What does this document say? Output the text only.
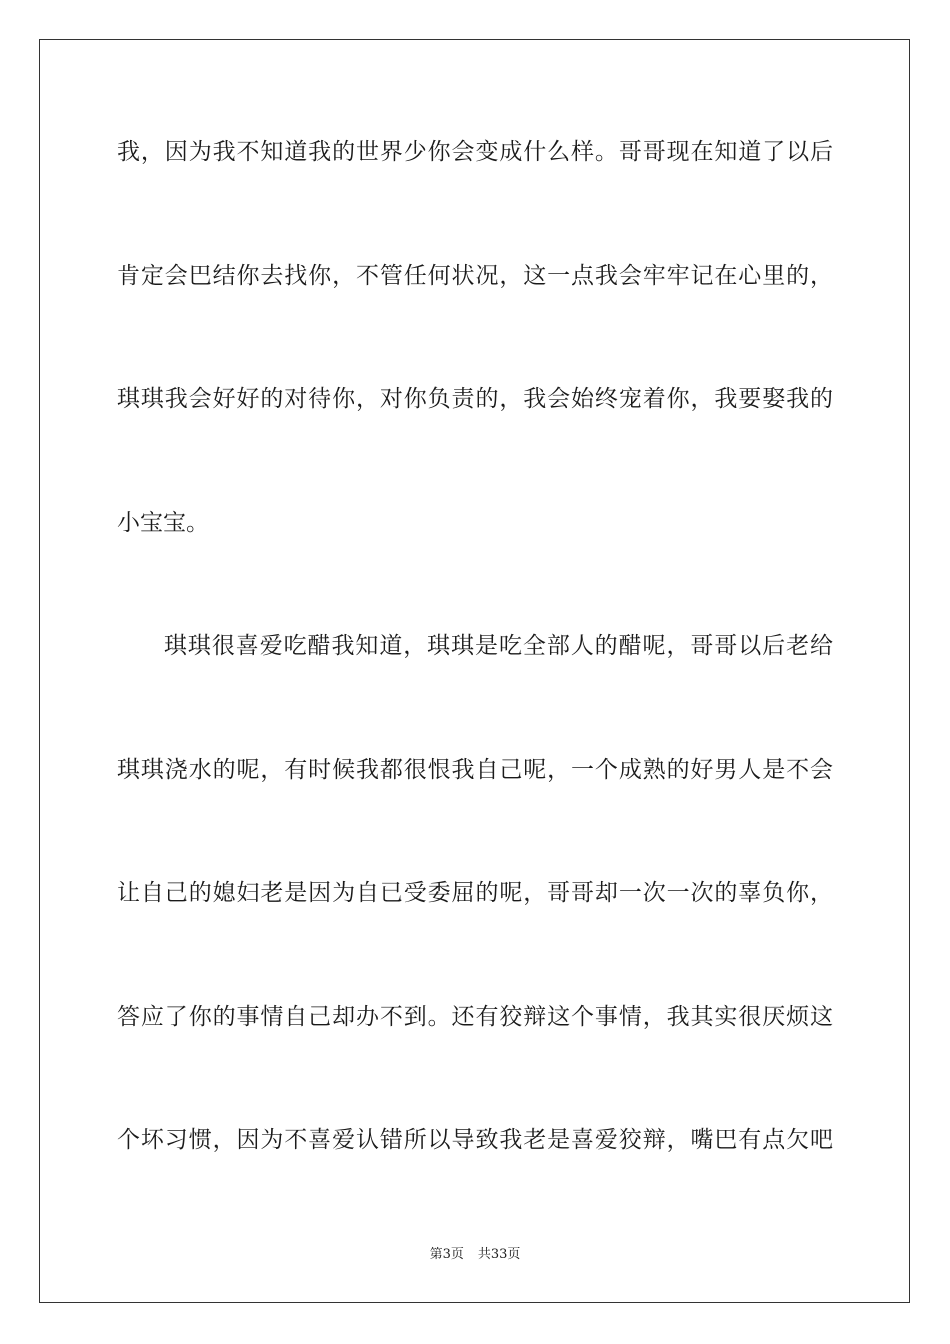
我，因为我不知道我的世界少你会变成什么样。哥哥现在知道了以后
肯定会巴结你去找你，不管任何状况，这一点我会牢牢记在心里的，
琪琪我会好好的对待你，对你负责的，我会始终宠着你，我要娶我的
小宝宝。
琪琪很喜爱吃醋我知道，琪琪是吃全部人的醋呢，哥哥以后老给
琪琪浇水的呢，有时候我都很恨我自己呢，一个成熟的好男人是不会
让自己的媳妇老是因为自已受委屈的呢，哥哥却一次一次的辜负你，
答应了你的事情自己却办不到。还有狡辩这个事情，我其实很厌烦这
个坏习惯，因为不喜爱认错所以导致我老是喜爱狡辩，嘴巴有点欠吧
第3页 共33页
